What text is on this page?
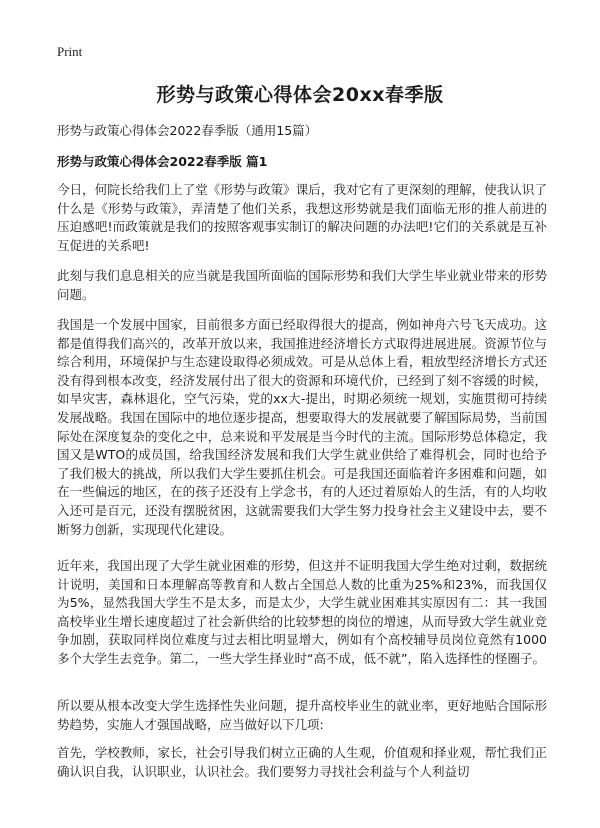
Print
形势与政策心得体会20xx春季版
形势与政策心得体会2022春季版（通用15篇）
形势与政策心得体会2022春季版 篇1
今日，何院长给我们上了堂《形势与政策》课后，我对它有了更深刻的理解，使我认识了什么是《形势与政策》，弄清楚了他们关系，我想这形势就是我们面临无形的推人前进的压迫感吧!而政策就是我们的按照客观事实制订的解决问题的办法吧!它们的关系就是互补互促进的关系吧!
此刻与我们息息相关的应当就是我国所面临的国际形势和我们大学生毕业就业带来的形势问题。
我国是一个发展中国家，目前很多方面已经取得很大的提高，例如神舟六号飞天成功。这都是值得我们高兴的，改革开放以来，我国推进经济增长方式取得进展进展。资源节位与综合利用，环境保护与生态建设取得必须成效。可是从总体上看，粗放型经济增长方式还没有得到根本改变，经济发展付出了很大的资源和环境代价，已经到了刻不容缓的时候，如旱灾害，森林退化，空气污染，党的xx大-提出，时期必须统一规划，实施贯彻可持续发展战略。我国在国际中的地位逐步提高，想要取得大的发展就要了解国际局势，当前国际处在深度复杂的变化之中，总来说和平发展是当今时代的主流。国际形势总体稳定，我国又是WTO的成员国，给我国经济发展和我们大学生就业供给了难得机会，同时也给予了我们极大的挑战，所以我们大学生要抓住机会。可是我国还面临着许多困难和问题，如在一些偏远的地区，在的孩子还没有上学念书，有的人还过着原始人的生活，有的人均收入还可是百元，还没有摆脱贫困，这就需要我们大学生努力投身社会主义建设中去，要不断努力创新，实现现代化建设。
近年来，我国出现了大学生就业困难的形势，但这并不证明我国大学生绝对过剩，数据统计说明，美国和日本理解高等教育和人数占全国总人数的比重为25%和23%，而我国仅为5%，显然我国大学生不是太多，而是太少，大学生就业困难其实原因有二：其一我国高校毕业生增长速度超过了社会新供给的比较梦想的岗位的增速，从而导致大学生就业竞争加剧，获取同样岗位难度与过去相比明显增大，例如有个高校辅导员岗位竟然有1000多个大学生去竞争。第二，一些大学生择业时“高不成，低不就”，陷入选择性的怪圈子。
所以要从根本改变大学生选择性失业问题，提升高校毕业生的就业率，更好地贴合国际形势趋势，实施人才强国战略，应当做好以下几项:
首先，学校教师，家长，社会引导我们树立正确的人生观，价值观和择业观，帮忙我们正确认识自我，认识职业，认识社会。我们要努力寻找社会利益与个人利益切
